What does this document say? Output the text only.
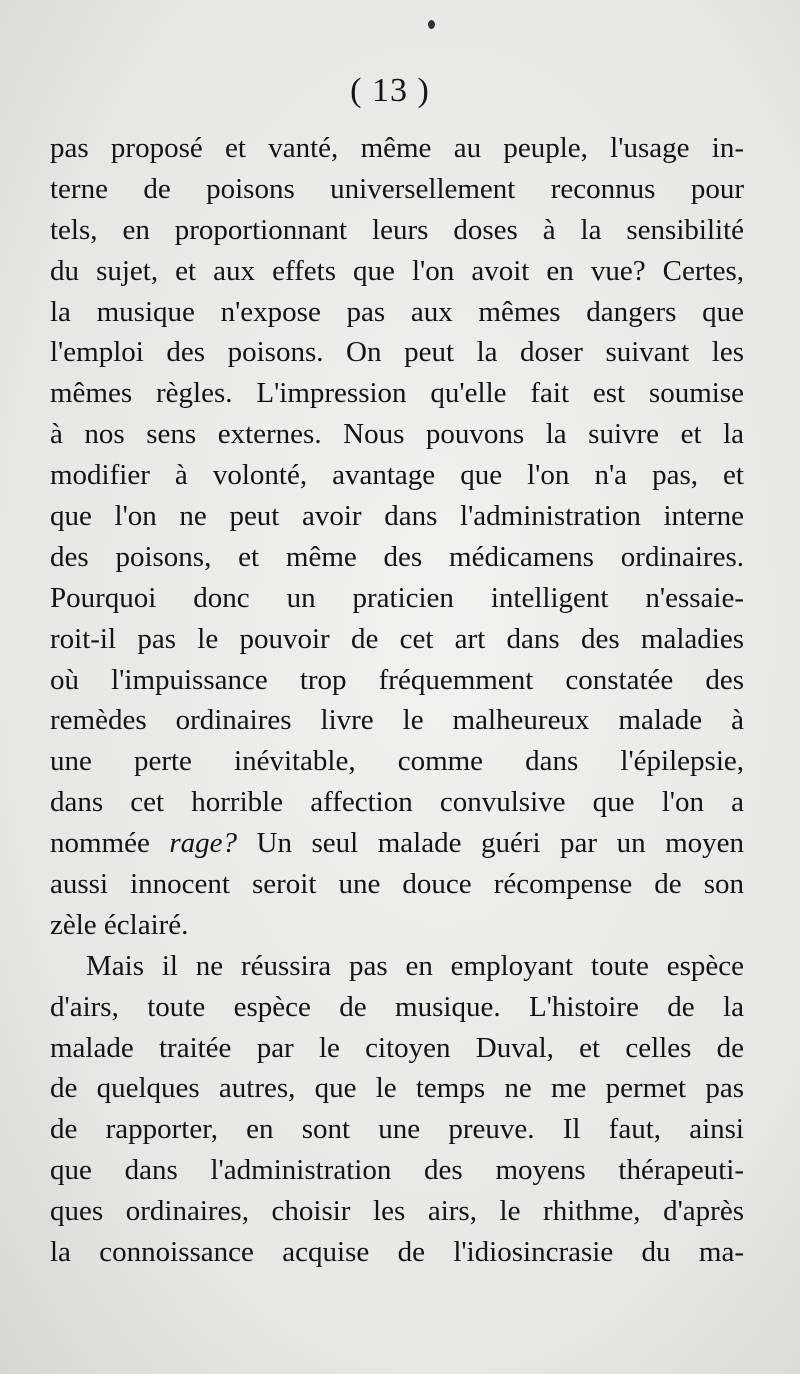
( 13 )
pas proposé et vanté, même au peuple, l'usage in-
terne de poisons universellement reconnus pour
tels, en proportionnant leurs doses à la sensibilité
du sujet, et aux effets que l'on avoit en vue? Certes,
la musique n'expose pas aux mêmes dangers que
l'emploi des poisons. On peut la doser suivant les
mêmes règles. L'impression qu'elle fait est soumise
à nos sens externes. Nous pouvons la suivre et la
modifier à volonté, avantage que l'on n'a pas, et
que l'on ne peut avoir dans l'administration interne
des poisons, et même des médicamens ordinaires.
Pourquoi donc un praticien intelligent n'essaie-
roit-il pas le pouvoir de cet art dans des maladies
où l'impuissance trop fréquemment constatée des
remèdes ordinaires livre le malheureux malade à
une perte inévitable, comme dans l'épilepsie,
dans cet horrible affection convulsive que l'on a
nommée rage? Un seul malade guéri par un moyen
aussi innocent seroit une douce récompense de son
zèle éclairé.
Mais il ne réussira pas en employant toute espèce
d'airs, toute espèce de musique. L'histoire de la
malade traitée par le citoyen Duval, et celles de
de quelques autres, que le temps ne me permet pas
de rapporter, en sont une preuve. Il faut, ainsi
que dans l'administration des moyens thérapeuti-
ques ordinaires, choisir les airs, le rhithme, d'après
la connoissance acquise de l'idiosincrasie du ma-
